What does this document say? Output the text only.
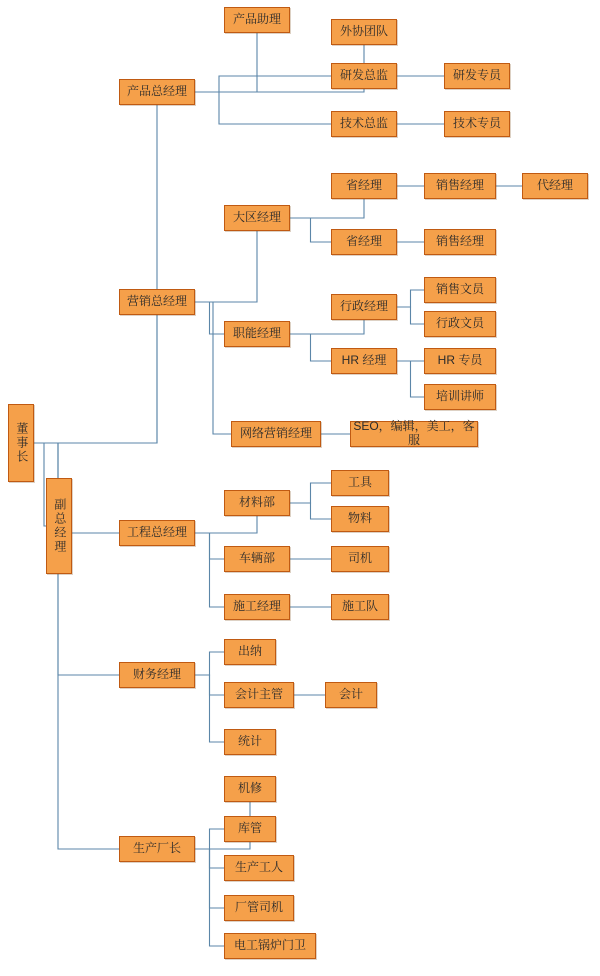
董事长
副总经理
产品总经理
产品助理
外协团队
研发总监	研发专员
技术总监	技术专员
营销总经理
大区经理
省经理	销售经理	代经理
省经理	销售经理
职能经理
行政经理
销售文员
行政文员
HR 经理	HR 专员
培训讲师
网络营销经理	SEO，编辑，美工，客服
工程总经理
材料部
工具
物料
车辆部	司机
施工经理	施工队
财务经理
出纳
会计主管	会计
统计
生产厂长
机修
库管
生产工人
厂管司机
电工锅炉门卫
